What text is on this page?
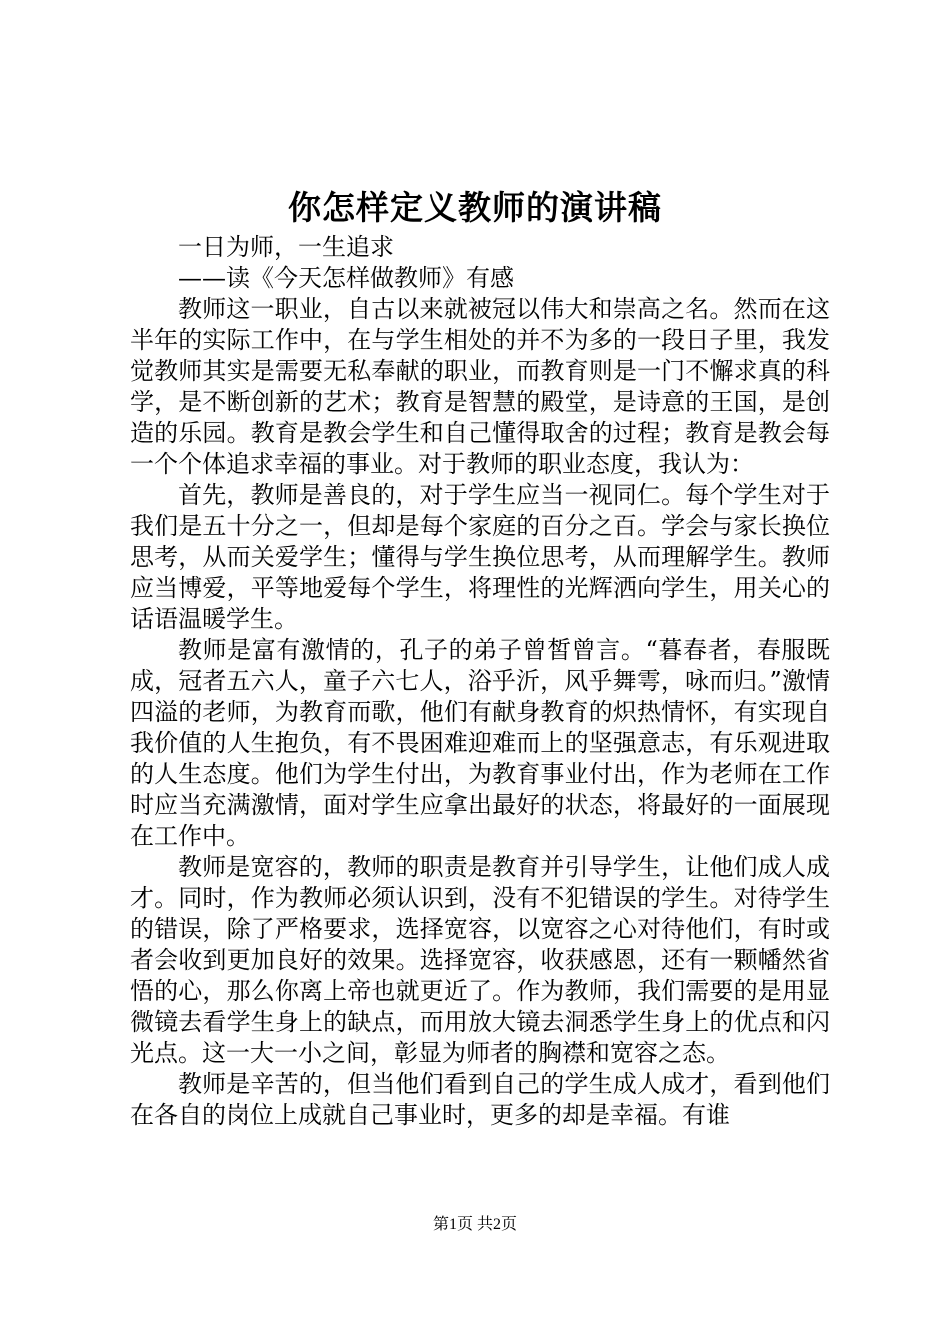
你怎样定义教师的演讲稿

一日为师，一生追求

——读《今天怎样做教师》有感

教师这一职业，自古以来就被冠以伟大和崇高之名。然而在这半年的实际工作中，在与学生相处的并不为多的一段日子里，我发觉教师其实是需要无私奉献的职业，而教育则是一门不懈求真的科学，是不断创新的艺术；教育是智慧的殿堂，是诗意的王国，是创造的乐园。教育是教会学生和自己懂得取舍的过程；教育是教会每一个个体追求幸福的事业。对于教师的职业态度，我认为：

首先，教师是善良的，对于学生应当一视同仁。每个学生对于我们是五十分之一，但却是每个家庭的百分之百。学会与家长换位思考，从而关爱学生；懂得与学生换位思考，从而理解学生。教师应当博爱，平等地爱每个学生，将理性的光辉洒向学生，用关心的话语温暖学生。

教师是富有激情的，孔子的弟子曾皙曾言。“暮春者，春服既成，冠者五六人，童子六七人，浴乎沂，风乎舞雩，咏而归。”激情四溢的老师，为教育而歌，他们有献身教育的炽热情怀，有实现自我价值的人生抱负，有不畏困难迎难而上的坚强意志，有乐观进取的人生态度。他们为学生付出，为教育事业付出，作为老师在工作时应当充满激情，面对学生应拿出最好的状态，将最好的一面展现在工作中。

教师是宽容的，教师的职责是教育并引导学生，让他们成人成才。同时，作为教师必须认识到，没有不犯错误的学生。对待学生的错误，除了严格要求，选择宽容，以宽容之心对待他们，有时或者会收到更加良好的效果。选择宽容，收获感恩，还有一颗幡然省悟的心，那么你离上帝也就更近了。作为教师，我们需要的是用显微镜去看学生身上的缺点，而用放大镜去洞悉学生身上的优点和闪光点。这一大一小之间，彰显为师者的胸襟和宽容之态。

教师是辛苦的，但当他们看到自己的学生成人成才，看到他们在各自的岗位上成就自己事业时，更多的却是幸福。有谁

第1页 共2页
